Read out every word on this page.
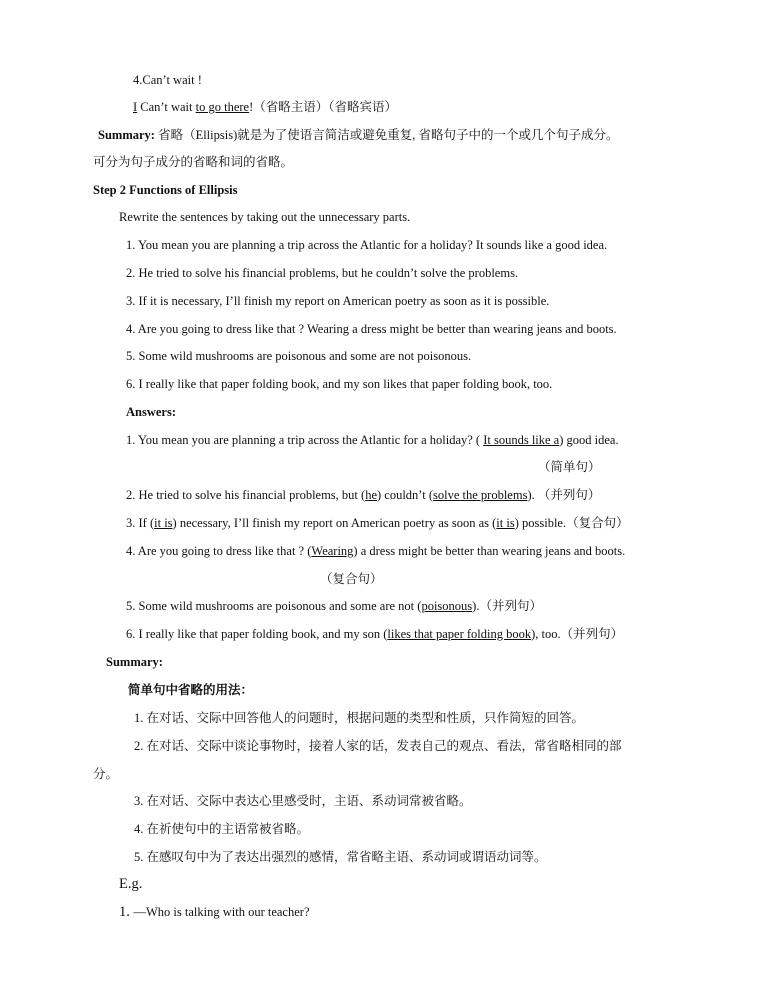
4.Can’t wait !
I Can’t wait to go there!（省略主语）（省略宾语）
Summary: 省略（Ellipsis)就是为了使语言简洁或避免重复, 省略句子中的一个或几个句子成分。
可分为句子成分的省略和词的省略。
Step 2 Functions of Ellipsis
Rewrite the sentences by taking out the unnecessary parts.
1. You mean you are planning a trip across the Atlantic for a holiday? It sounds like a good idea.
2. He tried to solve his financial problems, but he couldn’t solve the problems.
3. If it is necessary, I’ll finish my report on American poetry as soon as it is possible.
4. Are you going to dress like that ? Wearing a dress might be better than wearing jeans and boots.
5. Some wild mushrooms are poisonous and some are not poisonous.
6. I really like that paper folding book, and my son likes that paper folding book, too.
Answers:
1. You mean you are planning a trip across the Atlantic for a holiday? ( It sounds like a) good idea.
（简单句）
2. He tried to solve his financial problems, but (he) couldn’t (solve the problems). （并列句）
3. If (it is) necessary, I’ll finish my report on American poetry as soon as (it is) possible.（复合句）
4. Are you going to dress like that ? (Wearing) a dress might be better than wearing jeans and boots.
（复合句）
5. Some wild mushrooms are poisonous and some are not (poisonous).（并列句）
6. I really like that paper folding book, and my son (likes that paper folding book), too.（并列句）
Summary:
简单句中省略的用法：
1. 在对话、交际中回答他人的问题时，根据问题的类型和性质，只作简短的回答。
2. 在对话、交际中谈论事物时，接着人家的话，发表自己的观点、看法，常省略相同的部
分。
3. 在对话、交际中表达心里感受时，主语、系动词常被省略。
4. 在祈使句中的主语常被省略。
5. 在感叹句中为了表达出强烈的感情，常省略主语、系动词或谓语动词等。
E.g.
1. —Who is talking with our teacher?
